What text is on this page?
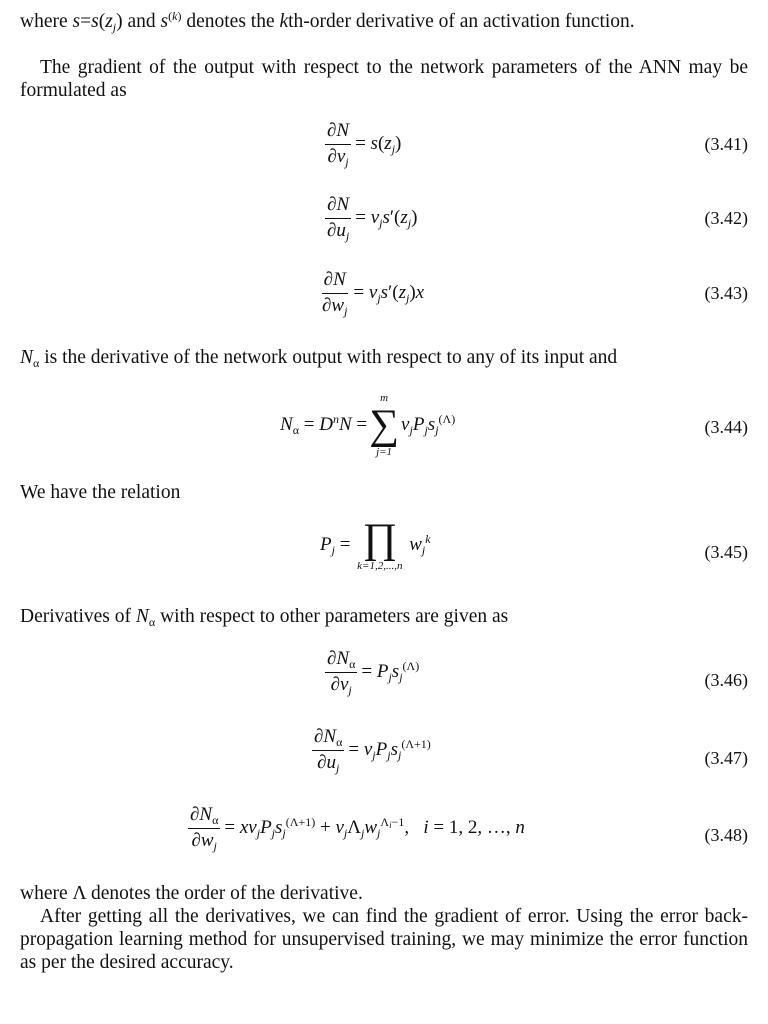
where $s=s(z_j)$ and $s^{(k)}$ denotes the kth-order derivative of an activation function.
The gradient of the output with respect to the network parameters of the ANN may be formulated as
$\frac{\partial N}{\partial v_j} = s(z_j)$	(3.41)
$\frac{\partial N}{\partial u_j} = v_js'(z_j)$	(3.42)
$\frac{\partial N}{\partial w_j} = v_js'(z_j)x$	(3.43)
$N_\alpha$ is the derivative of the network output with respect to any of its input and
$N_\alpha = D^nN$ =
m
∑
j=1
$v_jP_js_j^{(\Lambda)}$	(3.44)
We have the relation
$P_j$ = ∏
k=1,2,...,n
$w_j^k$
(3.45)
Derivatives of $N_\alpha$ with respect to other parameters are given as
$\frac{\partial N_\alpha}{\partial v_j} = P_js_j^{(\Lambda)}$
(3.46)
$\frac{\partial N_\alpha}{\partial u_j} = v_jP_js_j^{(\Lambda+1)}$
(3.47)
$\frac{\partial N_\alpha}{\partial w_j} = xv_jP_js_j^{(\Lambda+1)} + v_j\Lambda_jw_j^{\Lambda_i-1}$,   i = 1, 2, …, n	(3.48)
where Λ denotes the order of the derivative.
After getting all the derivatives, we can find the gradient of error. Using the error back-propagation learning method for unsupervised training, we may minimize the error function as per the desired accuracy.
